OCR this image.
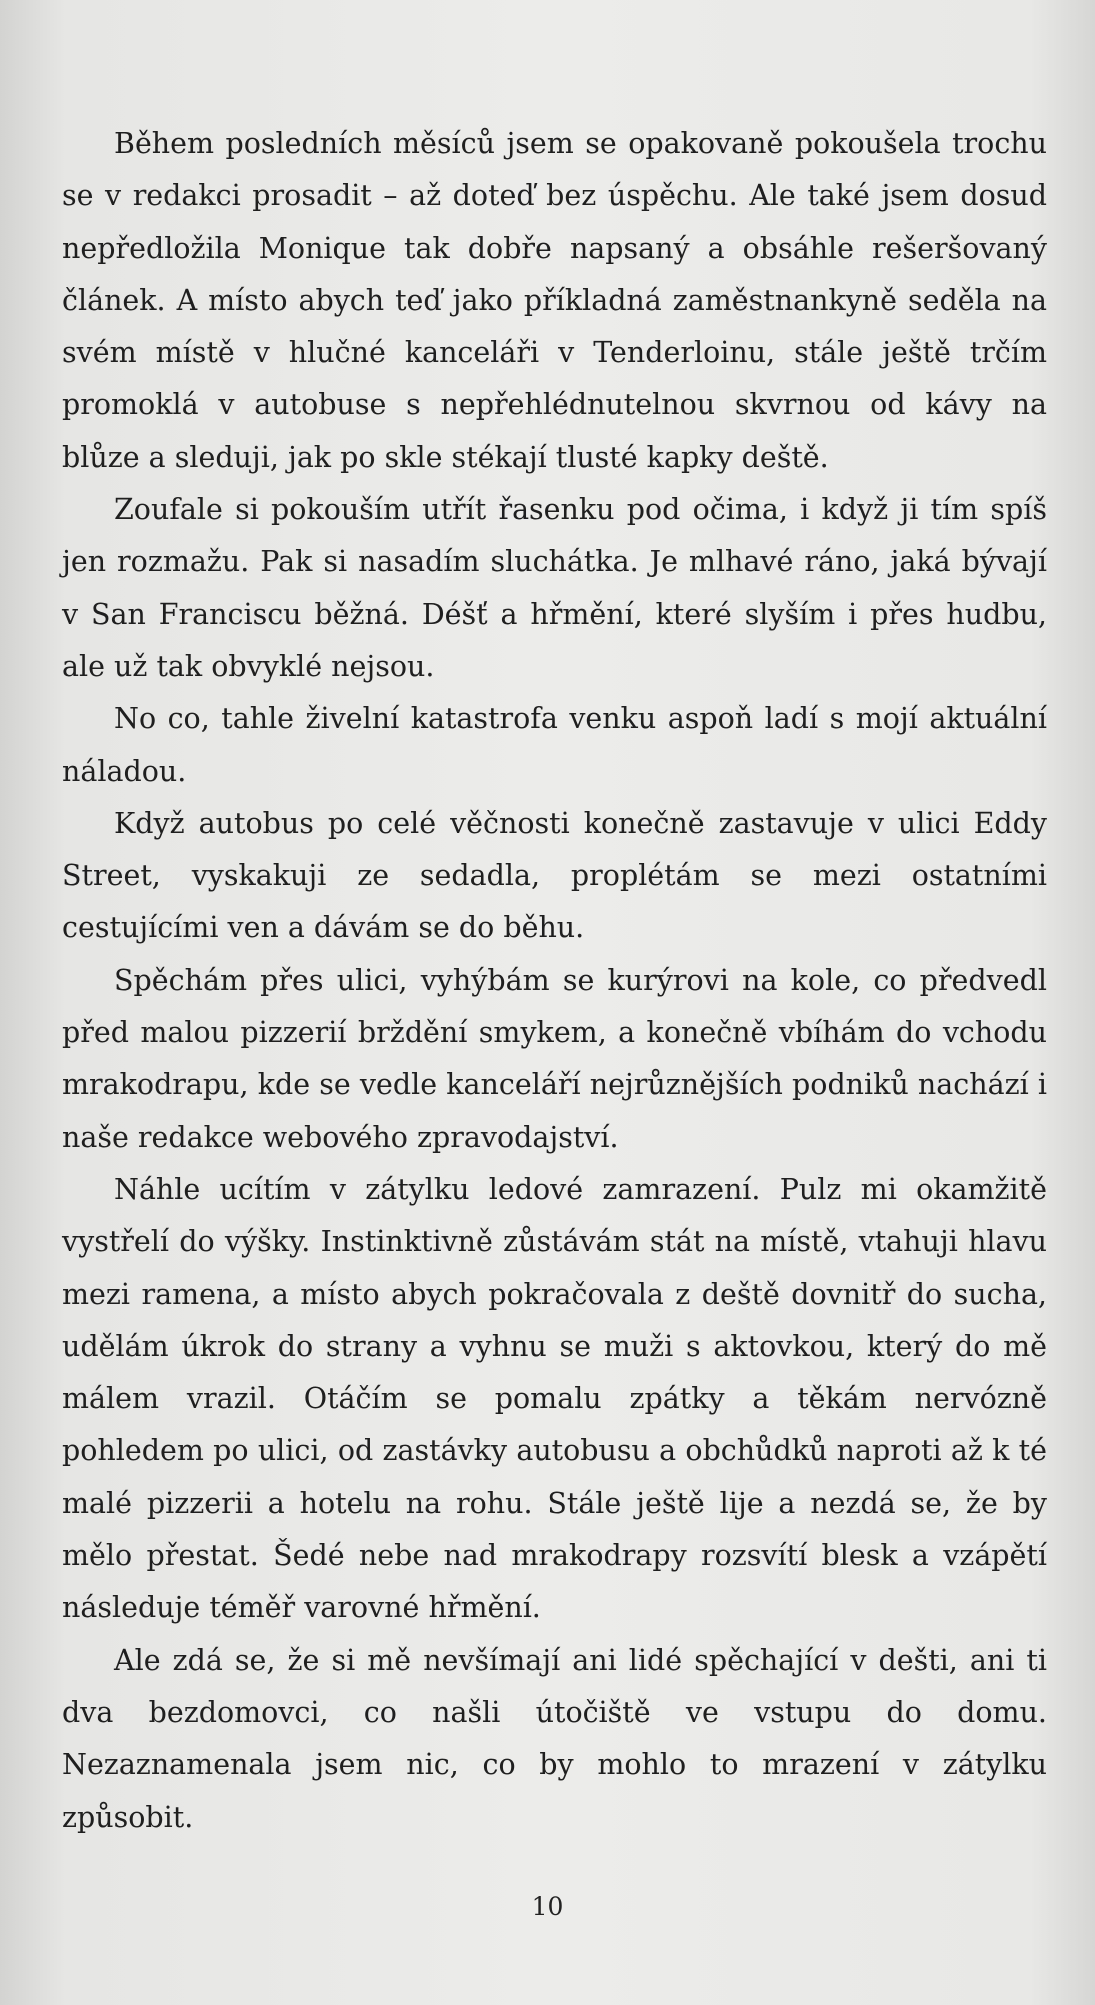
Během posledních měsíců jsem se opakovaně pokoušela trochu se v redakci prosadit – až doteď bez úspěchu. Ale také jsem dosud nepředložila Monique tak dobře napsaný a obsáhle rešeršovaný článek. A místo abych teď jako příkladná zaměstnankyně seděla na svém místě v hlučné kanceláři v Tenderloinu, stále ještě trčím promoklá v autobuse s nepřehlédnutelnou skvrnou od kávy na blůze a sleduji, jak po skle stékají tlusté kapky deště.

Zoufale si pokouším utřít řasenku pod očima, i když ji tím spíš jen rozmažu. Pak si nasadím sluchátka. Je mlhavé ráno, jaká bývají v San Franciscu běžná. Déšť a hřmění, které slyším i přes hudbu, ale už tak obvyklé nejsou.

No co, tahle živelní katastrofa venku aspoň ladí s mojí aktuální náladou.

Když autobus po celé věčnosti konečně zastavuje v ulici Eddy Street, vyskakuji ze sedadla, proplétám se mezi ostatními cestujícími ven a dávám se do běhu.

Spěchám přes ulici, vyhýbám se kurýrovi na kole, co předvedl před malou pizzerií brždění smykem, a konečně vbíhám do vchodu mrakodrapu, kde se vedle kanceláří nejrůznějších podniků nachází i naše redakce webového zpravodajství.

Náhle ucítím v zátylku ledové zamrazení. Pulz mi okamžitě vystřelí do výšky. Instinktivně zůstávám stát na místě, vtahuji hlavu mezi ramena, a místo abych pokračovala z deště dovnitř do sucha, udělám úkrok do strany a vyhnu se muži s aktovkou, který do mě málem vrazil. Otáčím se pomalu zpátky a těkám nervózně pohledem po ulici, od zastávky autobusu a obchůdků naproti až k té malé pizzerii a hotelu na rohu. Stále ještě lije a nezdá se, že by mělo přestat. Šedé nebe nad mrakodrapy rozsvítí blesk a vzápětí následuje téměř varovné hřmění.

Ale zdá se, že si mě nevšímají ani lidé spěchající v dešti, ani ti dva bezdomovci, co našli útočiště ve vstupu do domu. Nezaznamenala jsem nic, co by mohlo to mrazení v zátylku způsobit.

10
